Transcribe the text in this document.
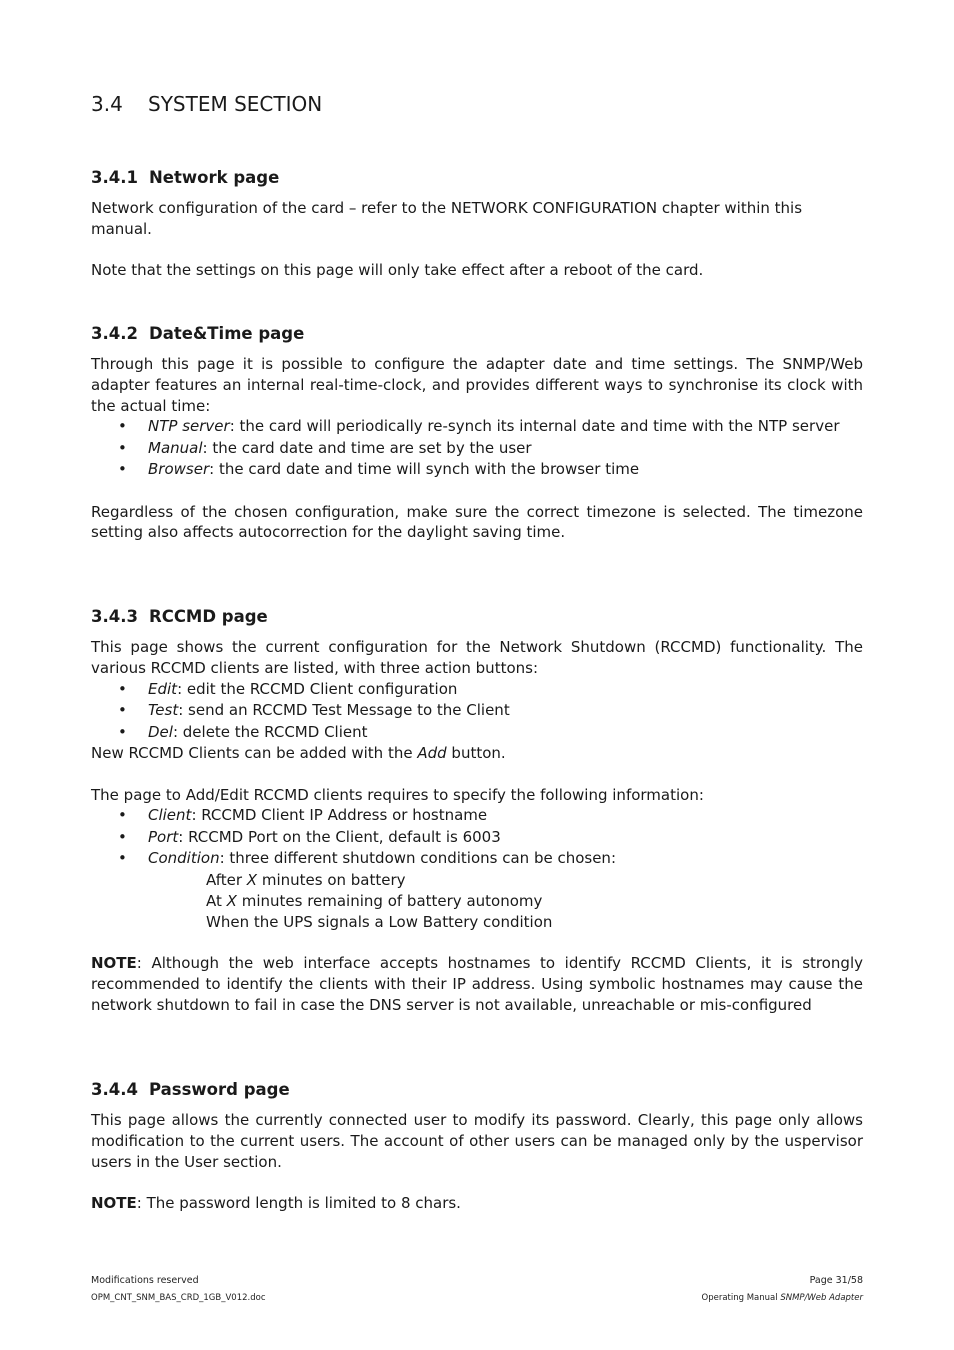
3.4 SYSTEM SECTION
3.4.1 Network page

Network configuration of the card – refer to the NETWORK CONFIGURATION chapter within this manual.

Note that the settings on this page will only take effect after a reboot of the card.

3.4.2 Date&Time page

Through this page it is possible to configure the adapter date and time settings. The SNMP/Web adapter features an internal real-time-clock, and provides different ways to synchronise its clock with the actual time:

• NTP server: the card will periodically re-synch its internal date and time with the NTP server
• Manual: the card date and time are set by the user
• Browser: the card date and time will synch with the browser time

Regardless of the chosen configuration, make sure the correct timezone is selected. The timezone setting also affects autocorrection for the daylight saving time.

3.4.3 RCCMD page

This page shows the current configuration for the Network Shutdown (RCCMD) functionality. The various RCCMD clients are listed, with three action buttons:

• Edit: edit the RCCMD Client configuration
• Test: send an RCCMD Test Message to the Client
• Del: delete the RCCMD Client

New RCCMD Clients can be added with the Add button.

The page to Add/Edit RCCMD clients requires to specify the following information:

• Client: RCCMD Client IP Address or hostname
• Port: RCCMD Port on the Client, default is 6003
• Condition: three different shutdown conditions can be chosen:
After X minutes on battery
At X minutes remaining of battery autonomy
When the UPS signals a Low Battery condition

NOTE: Although the web interface accepts hostnames to identify RCCMD Clients, it is strongly recommended to identify the clients with their IP address. Using symbolic hostnames may cause the network shutdown to fail in case the DNS server is not available, unreachable or mis-configured

3.4.4 Password page

This page allows the currently connected user to modify its password. Clearly, this page only allows modification to the current users. The account of other users can be managed only by the uspervisor users in the User section.

NOTE: The password length is limited to 8 chars.

Modifications reserved	Page 31/58
OPM_CNT_SNM_BAS_CRD_1GB_V012.doc	Operating Manual SNMP/Web Adapter
